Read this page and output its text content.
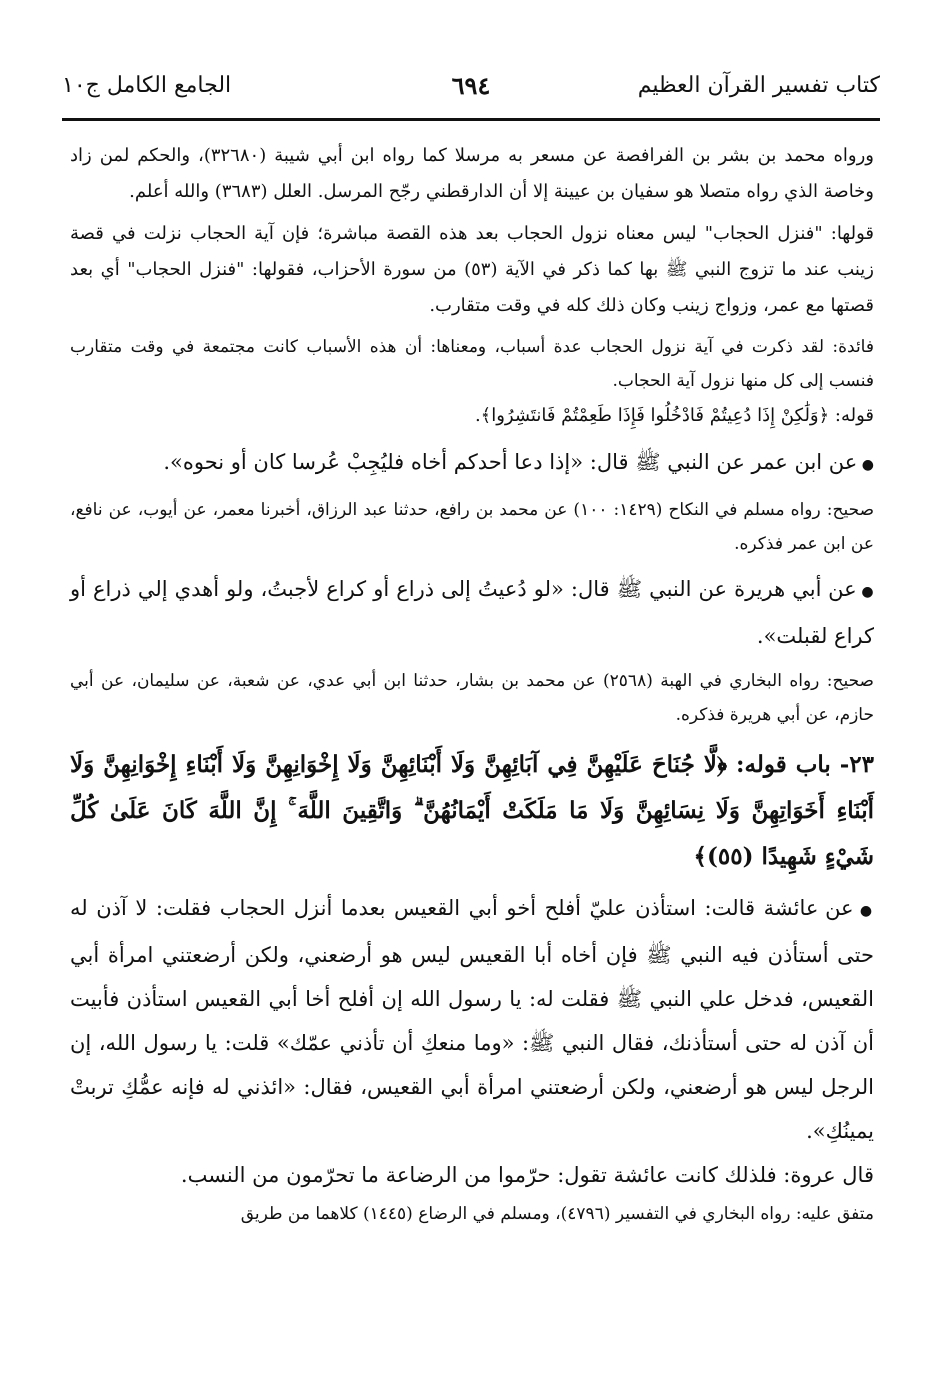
كتاب تفسير القرآن العظيم
٦٩٤
الجامع الكامل ج١٠

ورواه محمد بن بشر بن الفرافصة عن مسعر به مرسلا كما رواه ابن أبي شيبة (٣٢٦٨٠)، والحكم لمن زاد وخاصة الذي رواه متصلا هو سفيان بن عيينة إلا أن الدارقطني رجّح المرسل. العلل (٣٦٨٣) والله أعلم.

قولها: "فنزل الحجاب" ليس معناه نزول الحجاب بعد هذه القصة مباشرة؛ فإن آية الحجاب نزلت في قصة زينب عند ما تزوج النبي ﷺ بها كما ذكر في الآية (٥٣) من سورة الأحزاب، فقولها: "فنزل الحجاب" أي بعد قصتها مع عمر، وزواج زينب وكان ذلك كله في وقت متقارب.

فائدة: لقد ذكرت في آية نزول الحجاب عدة أسباب، ومعناها: أن هذه الأسباب كانت مجتمعة في وقت متقارب فنسب إلى كل منها نزول آية الحجاب.

قوله: ﴿وَلَٰكِنْ إِذَا دُعِيتُمْ فَادْخُلُوا فَإِذَا طَعِمْتُمْ فَانتَشِرُوا﴾.

● عن ابن عمر عن النبي ﷺ قال: «إذا دعا أحدكم أخاه فليُجِبْ عُرسا كان أو نحوه».

صحيح: رواه مسلم في النكاح (١٤٢٩: ١٠٠) عن محمد بن رافع، حدثنا عبد الرزاق، أخبرنا معمر، عن أيوب، عن نافع، عن ابن عمر فذكره.

● عن أبي هريرة عن النبي ﷺ قال: «لو دُعيتُ إلى ذراع أو كراع لأجبتُ، ولو أهدي إلي ذراع أو كراع لقبلت».

صحيح: رواه البخاري في الهبة (٢٥٦٨) عن محمد بن بشار، حدثنا ابن أبي عدي، عن شعبة، عن سليمان، عن أبي حازم، عن أبي هريرة فذكره.

٢٣- باب قوله: ﴿لَّا جُنَاحَ عَلَيْهِنَّ فِي آبَائِهِنَّ وَلَا أَبْنَائِهِنَّ وَلَا إِخْوَانِهِنَّ وَلَا أَبْنَاءِ إِخْوَانِهِنَّ وَلَا أَبْنَاءِ أَخَوَاتِهِنَّ وَلَا نِسَائِهِنَّ وَلَا مَا مَلَكَتْ أَيْمَانُهُنَّ ۗ وَاتَّقِينَ اللَّهَ ۚ إِنَّ اللَّهَ كَانَ عَلَىٰ كُلِّ شَيْءٍ شَهِيدًا (٥٥)﴾

● عن عائشة قالت: استأذن عليّ أفلح أخو أبي القعيس بعدما أنزل الحجاب فقلت: لا آذن له حتى أستأذن فيه النبي ﷺ فإن أخاه أبا القعيس ليس هو أرضعني، ولكن أرضعتني امرأة أبي القعيس، فدخل علي النبي ﷺ فقلت له: يا رسول الله إن أفلح أخا أبي القعيس استأذن فأبيت أن آذن له حتى أستأذنك، فقال النبي ﷺ: «وما منعكِ أن تأذني عمّك» قلت: يا رسول الله، إن الرجل ليس هو أرضعني، ولكن أرضعتني امرأة أبي القعيس، فقال: «ائذني له فإنه عمُّكِ تربتْ يمينُكِ».

قال عروة: فلذلك كانت عائشة تقول: حرّموا من الرضاعة ما تحرّمون من النسب.

متفق عليه: رواه البخاري في التفسير (٤٧٩٦)، ومسلم في الرضاع (١٤٤٥) كلاهما من طريق
